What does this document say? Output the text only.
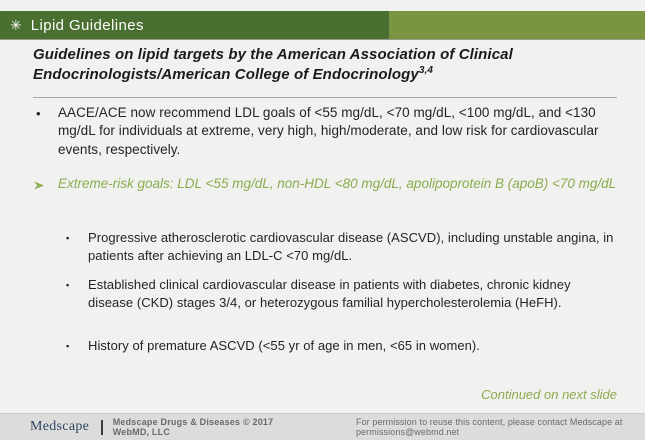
✳ Lipid Guidelines
Guidelines on lipid targets by the American Association of Clinical
Endocrinologists/American College of Endocrinology$^{3,4}$
•	AACE/ACE now recommend LDL goals of <55 mg/dL, <70 mg/dL, <100 mg/dL, and <130 mg/dL for individuals at extreme, very high, high/moderate, and low risk for cardiovascular events, respectively.
Extreme-risk goals: LDL <55 mg/dL, non-HDL <80 mg/dL, apolipoprotein B (apoB) <70 mg/dL
▪	Progressive atherosclerotic cardiovascular disease (ASCVD), including unstable angina, in patients after achieving an LDL-C <70 mg/dL.
▪	Established clinical cardiovascular disease in patients with diabetes, chronic kidney disease (CKD) stages 3/4, or heterozygous familial hypercholesterolemia (HeFH).
▪	History of premature ASCVD (<55 yr of age in men, <65 in women).
Continued on next slide
Medscape	Medscape Drugs & Diseases © 2017 WebMD, LLC
For permission to reuse this content, please contact Medscape at permissions@webmd.net
